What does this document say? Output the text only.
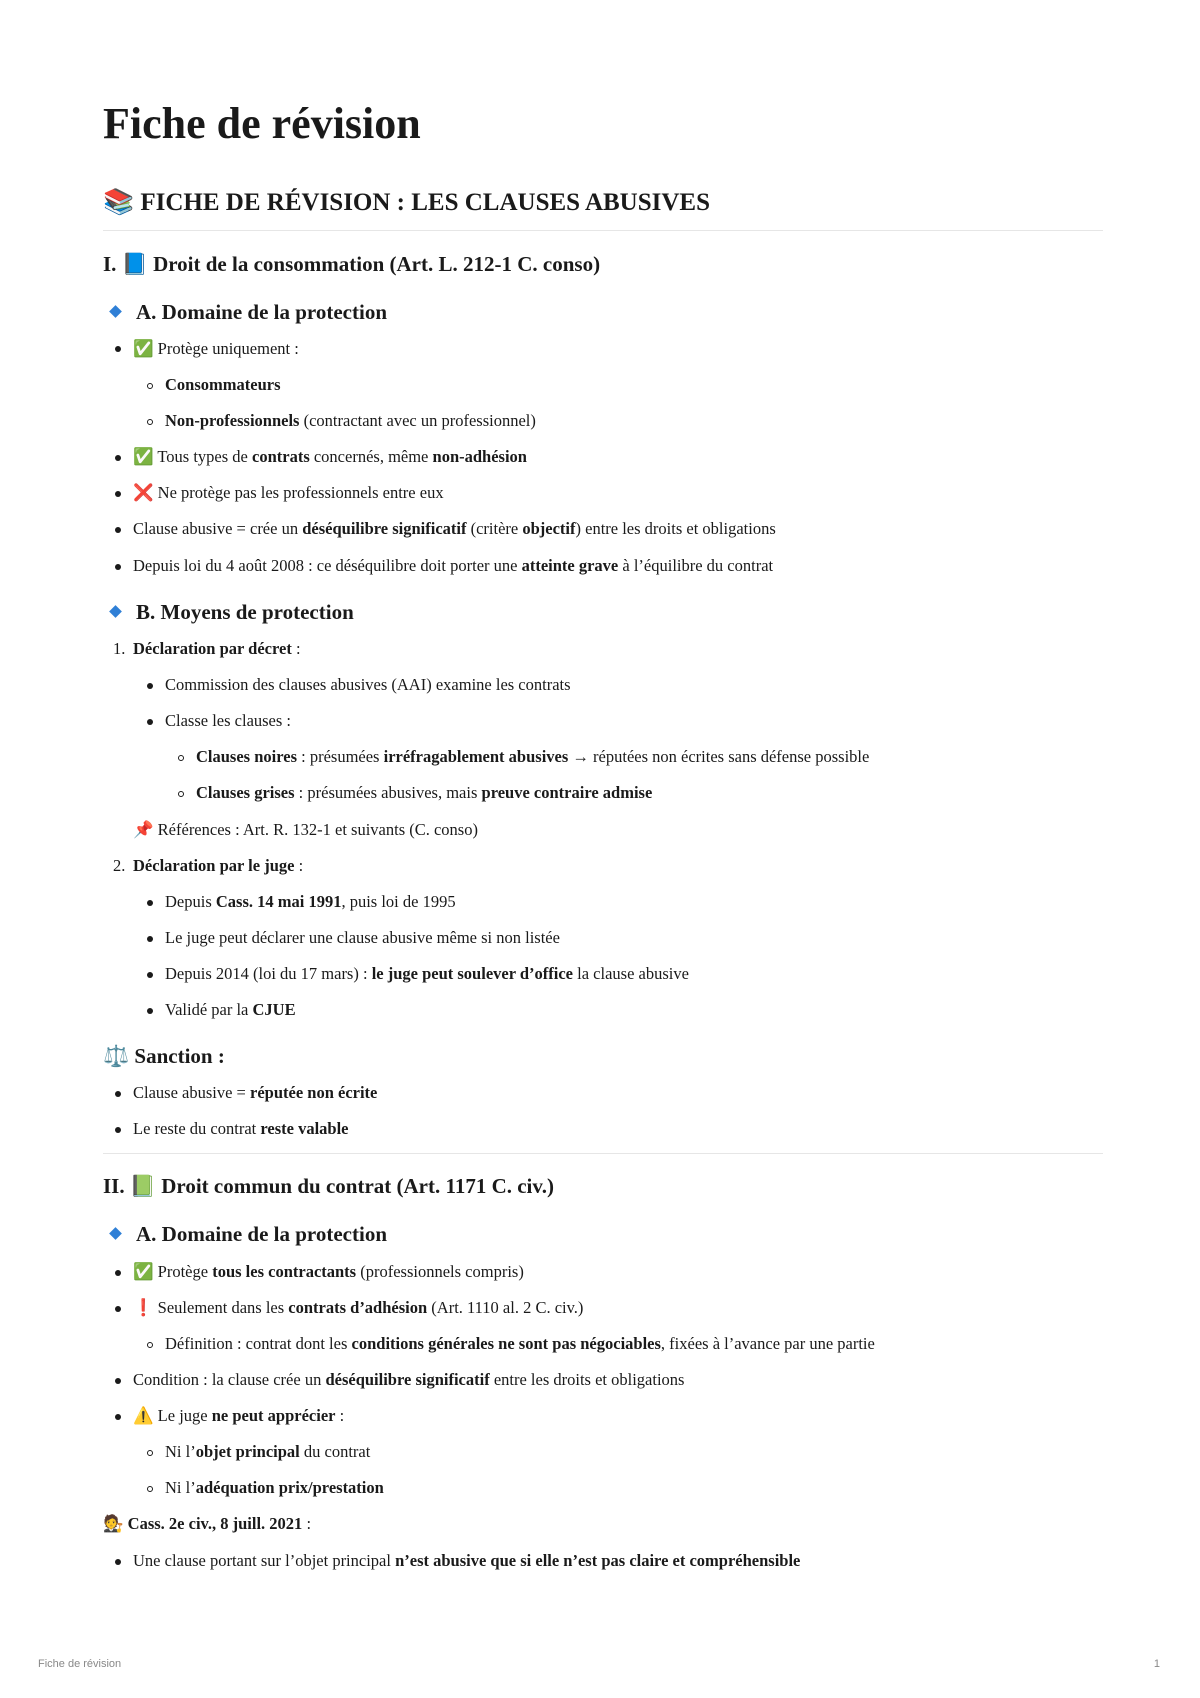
Fiche de révision
📚 FICHE DE RÉVISION : LES CLAUSES ABUSIVES
I. 📘 Droit de la consommation (Art. L. 212-1 C. conso)
A. Domaine de la protection
✅ Protège uniquement :
Consommateurs
Non-professionnels (contractant avec un professionnel)
✅ Tous types de contrats concernés, même non-adhésion
❌ Ne protège pas les professionnels entre eux
Clause abusive = crée un déséquilibre significatif (critère objectif) entre les droits et obligations
Depuis loi du 4 août 2008 : ce déséquilibre doit porter une atteinte grave à l’équilibre du contrat
B. Moyens de protection
1. Déclaration par décret :
Commission des clauses abusives (AAI) examine les contrats
Classe les clauses :
Clauses noires : présumées irréfragablement abusives → réputées non écrites sans défense possible
Clauses grises : présumées abusives, mais preuve contraire admise
📌 Références : Art. R. 132-1 et suivants (C. conso)
2. Déclaration par le juge :
Depuis Cass. 14 mai 1991, puis loi de 1995
Le juge peut déclarer une clause abusive même si non listée
Depuis 2014 (loi du 17 mars) : le juge peut soulever d’office la clause abusive
Validé par la CJUE
⚖️ Sanction :
Clause abusive = réputée non écrite
Le reste du contrat reste valable
II. 📗 Droit commun du contrat (Art. 1171 C. civ.)
A. Domaine de la protection
✅ Protège tous les contractants (professionnels compris)
❗ Seulement dans les contrats d’adhésion (Art. 1110 al. 2 C. civ.)
Définition : contrat dont les conditions générales ne sont pas négociables, fixées à l’avance par une partie
Condition : la clause crée un déséquilibre significatif entre les droits et obligations
⚠️ Le juge ne peut apprécier :
Ni l’objet principal du contrat
Ni l’adéquation prix/prestation
🧑‍⚖️ Cass. 2e civ., 8 juill. 2021 :
Une clause portant sur l’objet principal n’est abusive que si elle n’est pas claire et compréhensible
Fiche de révision	1
